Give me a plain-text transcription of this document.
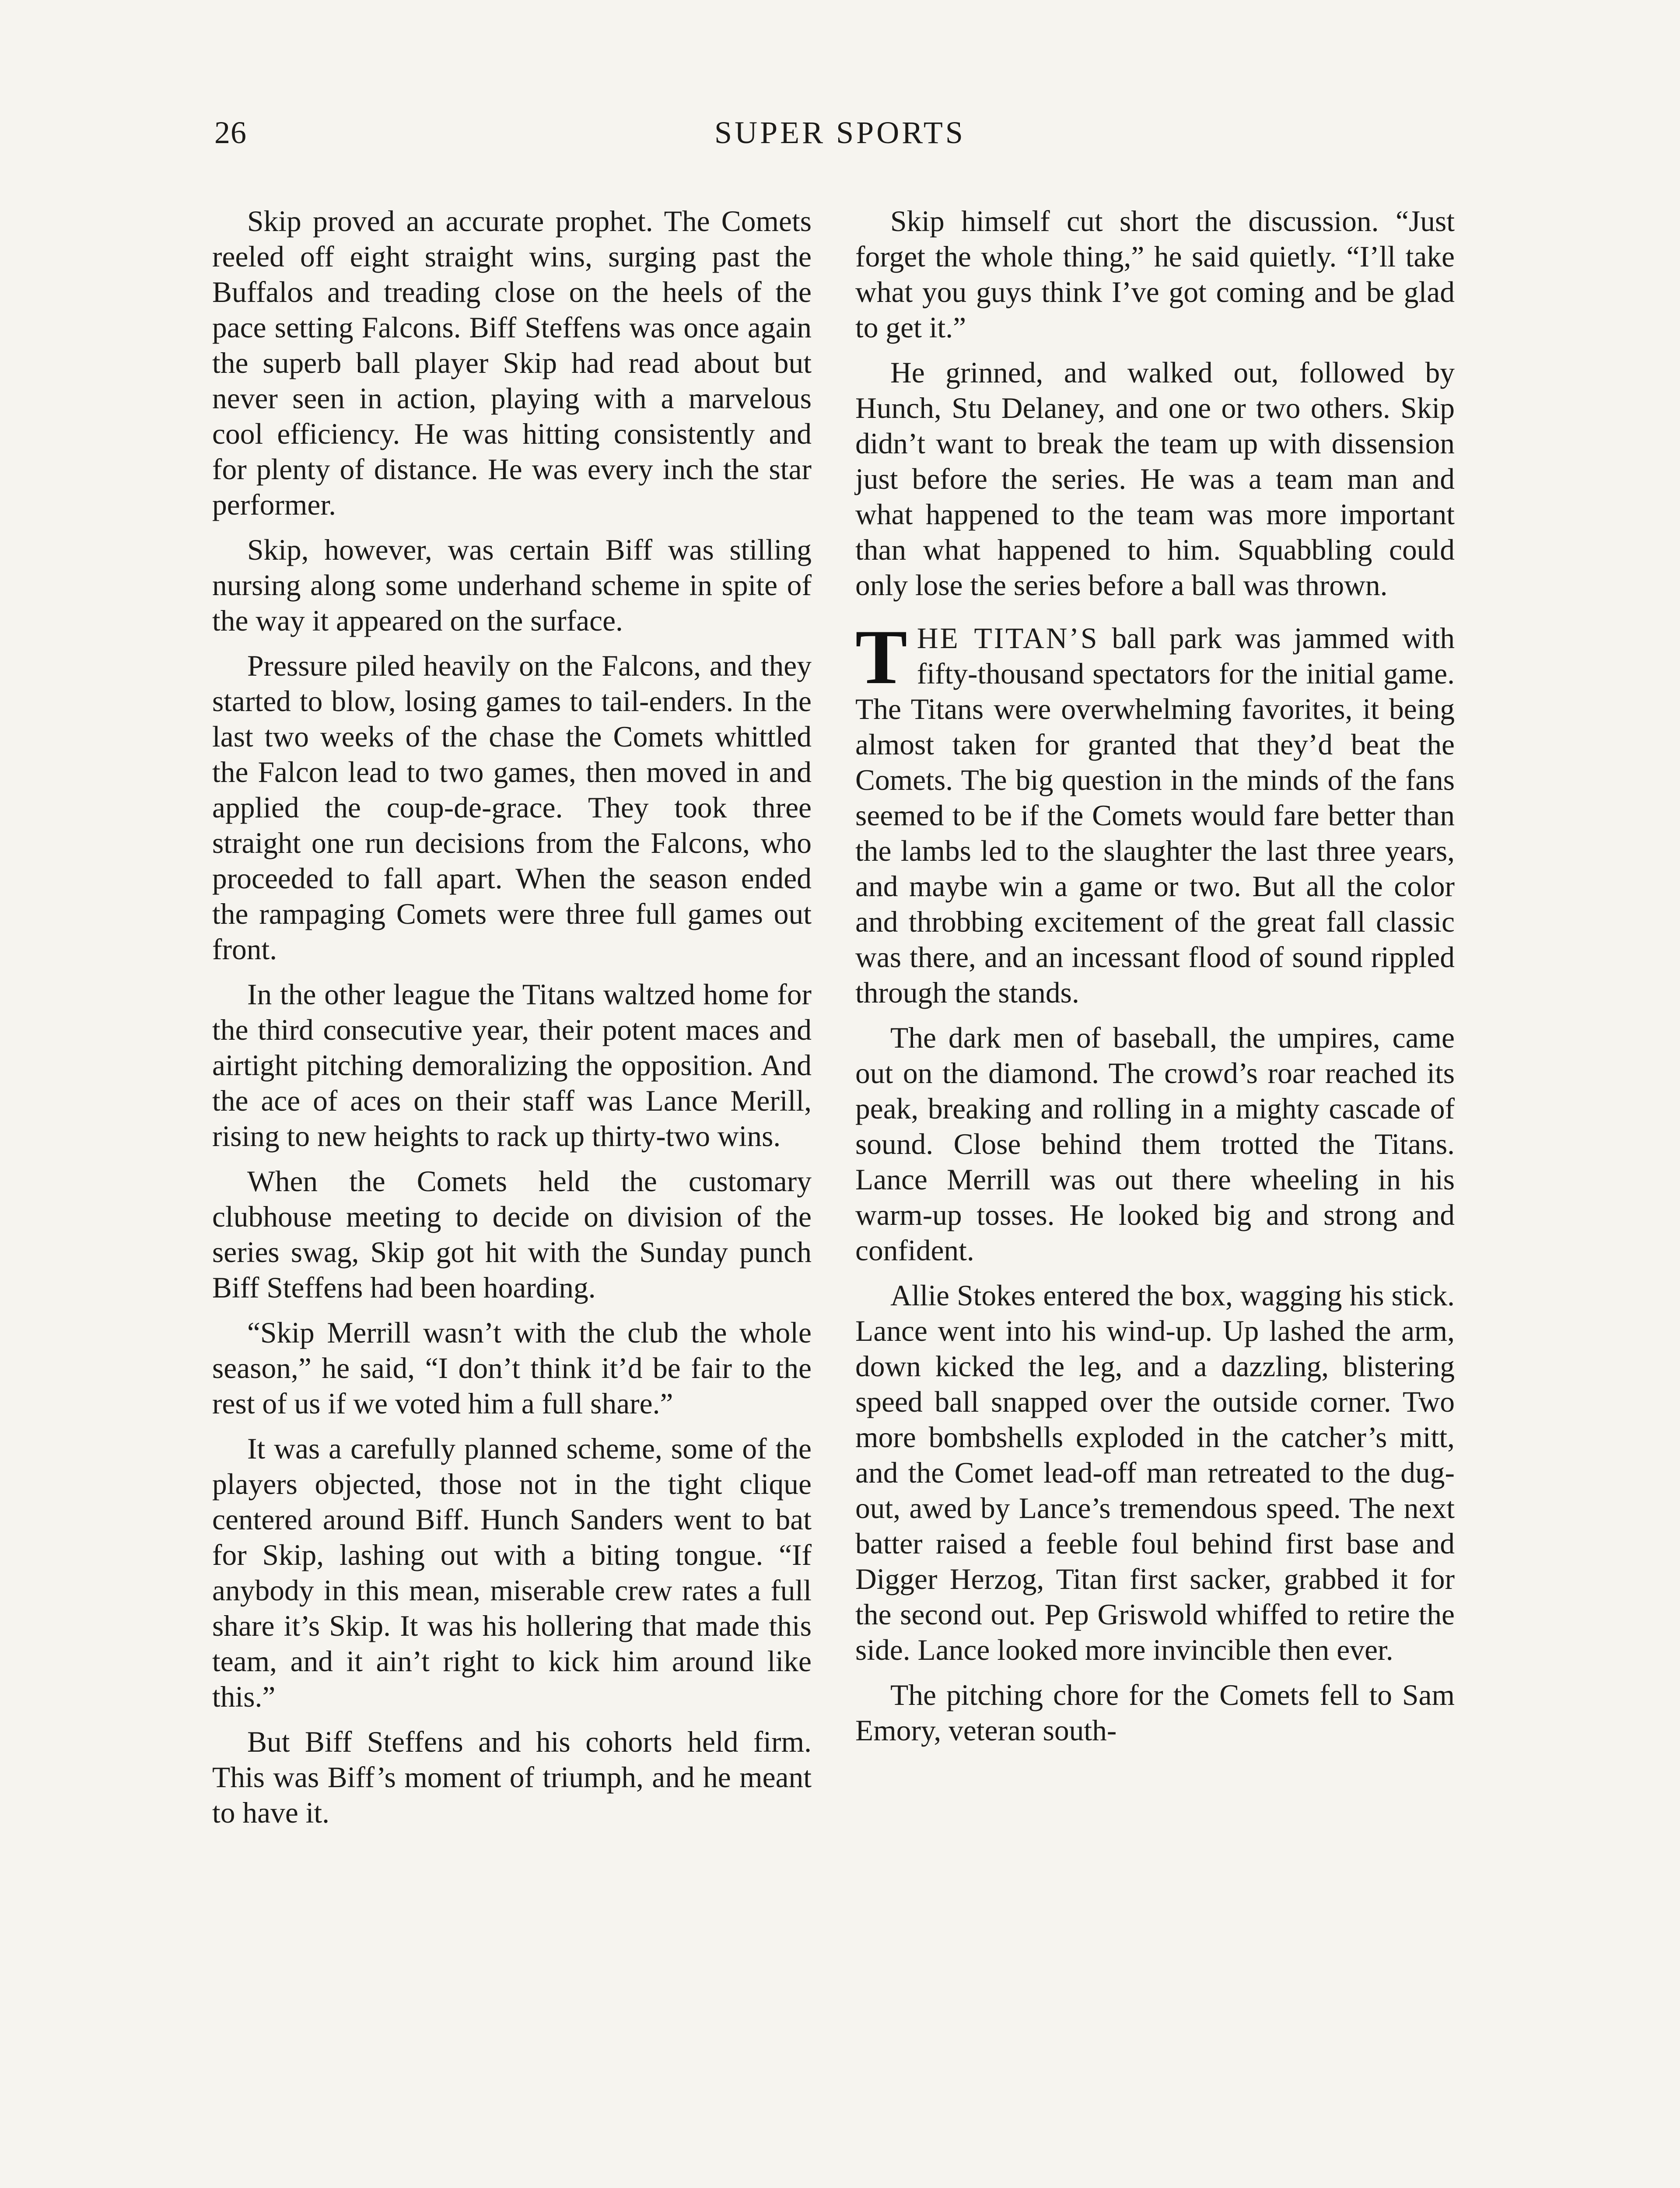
26	SUPER SPORTS

Skip proved an accurate prophet. The Comets reeled off eight straight wins, surging past the Buffalos and treading close on the heels of the pace setting Falcons. Biff Steffens was once again the superb ball player Skip had read about but never seen in action, playing with a marvelous cool efficiency. He was hitting consistently and for plenty of distance. He was every inch the star performer.

Skip, however, was certain Biff was stilling nursing along some underhand scheme in spite of the way it appeared on the surface.

Pressure piled heavily on the Falcons, and they started to blow, losing games to tail-enders. In the last two weeks of the chase the Comets whittled the Falcon lead to two games, then moved in and applied the coup-de-grace. They took three straight one run decisions from the Falcons, who proceeded to fall apart. When the season ended the rampaging Comets were three full games out front.

In the other league the Titans waltzed home for the third consecutive year, their potent maces and airtight pitching demoralizing the opposition. And the ace of aces on their staff was Lance Merill, rising to new heights to rack up thirty-two wins.

When the Comets held the customary clubhouse meeting to decide on division of the series swag, Skip got hit with the Sunday punch Biff Steffens had been hoarding.

“Skip Merrill wasn’t with the club the whole season,” he said, “I don’t think it’d be fair to the rest of us if we voted him a full share.”

It was a carefully planned scheme, some of the players objected, those not in the tight clique centered around Biff. Hunch Sanders went to bat for Skip, lashing out with a biting tongue. “If anybody in this mean, miserable crew rates a full share it’s Skip. It was his hollering that made this team, and it ain’t right to kick him around like this.”

But Biff Steffens and his cohorts held firm. This was Biff’s moment of triumph, and he meant to have it.

Skip himself cut short the discussion. “Just forget the whole thing,” he said quietly. “I’ll take what you guys think I’ve got coming and be glad to get it.”

He grinned, and walked out, followed by Hunch, Stu Delaney, and one or two others. Skip didn’t want to break the team up with dissension just before the series. He was a team man and what happened to the team was more important than what happened to him. Squabbling could only lose the series before a ball was thrown.

THE TITAN’S ball park was jammed with fifty-thousand spectators for the initial game. The Titans were overwhelming favorites, it being almost taken for granted that they’d beat the Comets. The big question in the minds of the fans seemed to be if the Comets would fare better than the lambs led to the slaughter the last three years, and maybe win a game or two. But all the color and throbbing excitement of the great fall classic was there, and an incessant flood of sound rippled through the stands.

The dark men of baseball, the umpires, came out on the diamond. The crowd’s roar reached its peak, breaking and rolling in a mighty cascade of sound. Close behind them trotted the Titans. Lance Merrill was out there wheeling in his warm-up tosses. He looked big and strong and confident.

Allie Stokes entered the box, wagging his stick. Lance went into his wind-up. Up lashed the arm, down kicked the leg, and a dazzling, blistering speed ball snapped over the outside corner. Two more bombshells exploded in the catcher’s mitt, and the Comet lead-off man retreated to the dug-out, awed by Lance’s tremendous speed. The next batter raised a feeble foul behind first base and Digger Herzog, Titan first sacker, grabbed it for the second out. Pep Griswold whiffed to retire the side. Lance looked more invincible then ever.

The pitching chore for the Comets fell to Sam Emory, veteran south-
